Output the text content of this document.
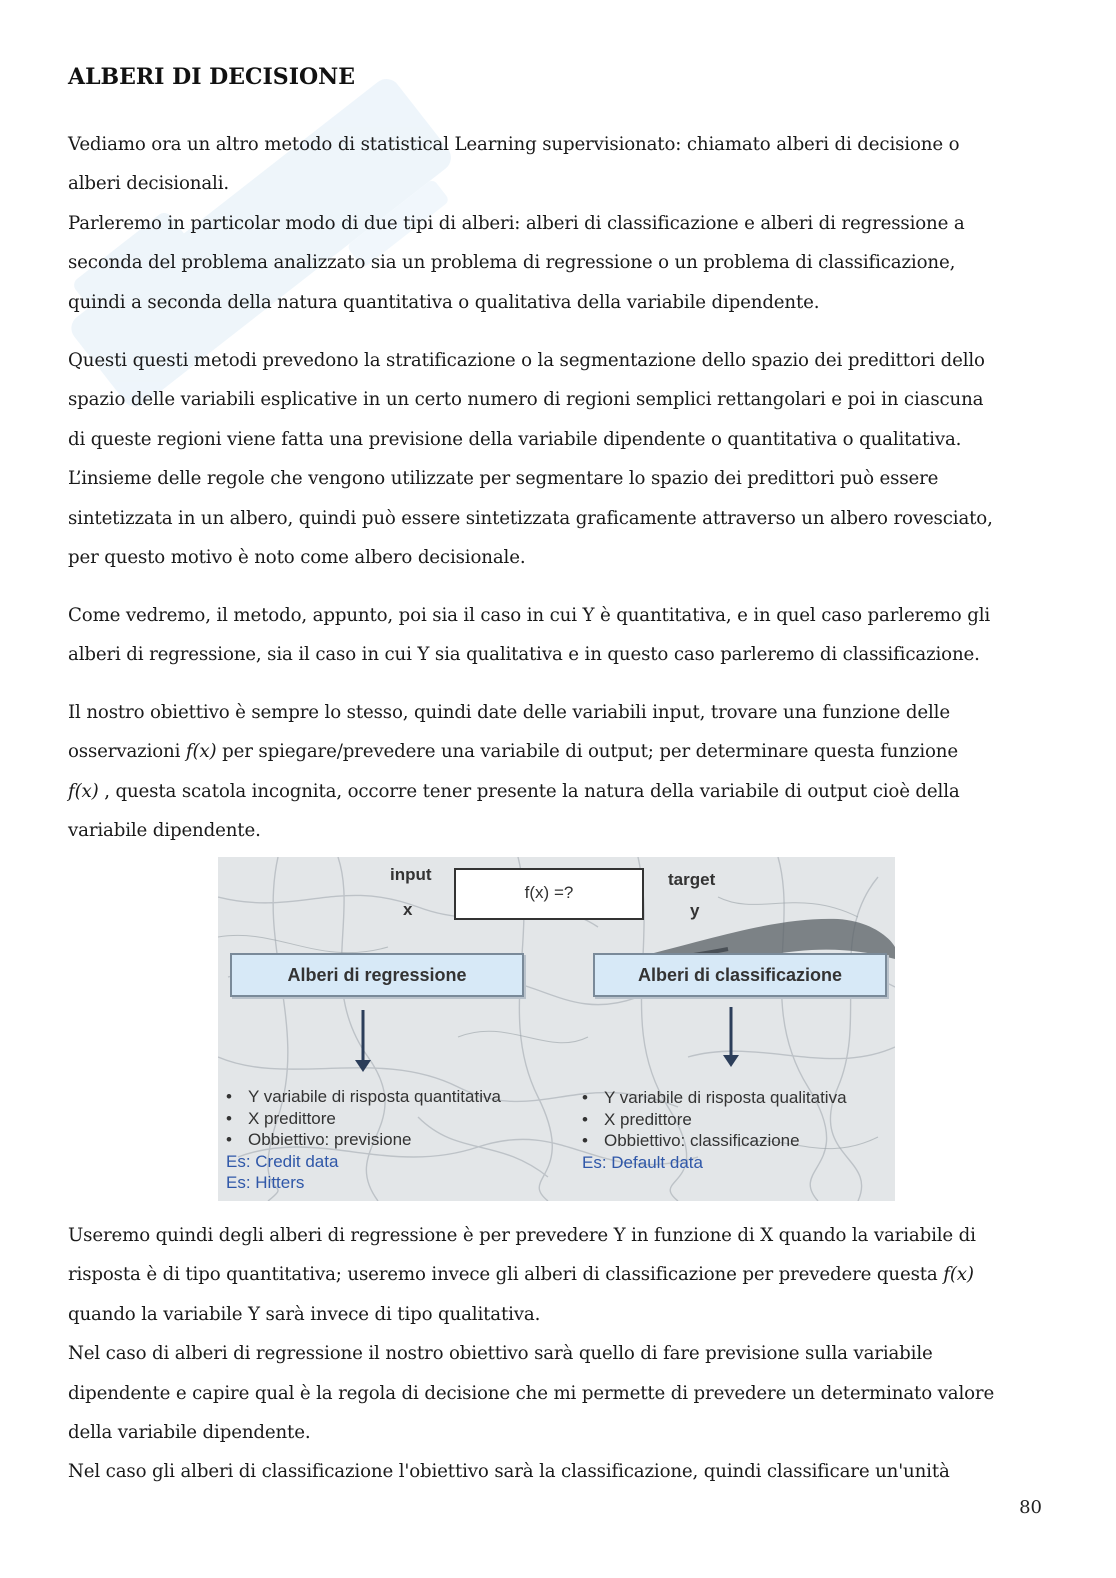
ALBERI DI DECISIONE
Vediamo ora un altro metodo di statistical Learning supervisionato: chiamato alberi di decisione o
alberi decisionali.
Parleremo in particolar modo di due tipi di alberi: alberi di classificazione e alberi di regressione a
seconda del problema analizzato sia un problema di regressione o un problema di classificazione,
quindi a seconda della natura quantitativa o qualitativa della variabile dipendente.
Questi questi metodi prevedono la stratificazione o la segmentazione dello spazio dei predittori dello
spazio delle variabili esplicative in un certo numero di regioni semplici rettangolari e poi in ciascuna
di queste regioni viene fatta una previsione della variabile dipendente o quantitativa o qualitativa.
L’insieme delle regole che vengono utilizzate per segmentare lo spazio dei predittori può essere
sintetizzata in un albero, quindi può essere sintetizzata graficamente attraverso un albero rovesciato,
per questo motivo è noto come albero decisionale.
Come vedremo, il metodo, appunto, poi sia il caso in cui Y è quantitativa, e in quel caso parleremo gli
alberi di regressione, sia il caso in cui Y sia qualitativa e in questo caso parleremo di classificazione.
Il nostro obiettivo è sempre lo stesso, quindi date delle variabili input, trovare una funzione delle
osservazioni f(x) per spiegare/prevedere una variabile di output; per determinare questa funzione
f(x) , questa scatola incognita, occorre tener presente la natura della variabile di output cioè della
variabile dipendente.
Useremo quindi degli alberi di regressione è per prevedere Y in funzione di X quando la variabile di
risposta è di tipo quantitativa; useremo invece gli alberi di classificazione per prevedere questa f(x)
quando la variabile Y sarà invece di tipo qualitativa.
Nel caso di alberi di regressione il nostro obiettivo sarà quello di fare previsione sulla variabile
dipendente e capire qual è la regola di decisione che mi permette di prevedere un determinato valore
della variabile dipendente.
Nel caso gli alberi di classificazione l'obiettivo sarà la classificazione, quindi classificare un'unità
input
x
f(x) =?
target
y
Alberi di regressione	Alberi di classificazione
• Y variabile di risposta quantitativa
• X predittore
• Obbiettivo: previsione
Es: Credit data
Es: Hitters
• Y variabile di risposta qualitativa
• X predittore
• Obbiettivo: classificazione
Es: Default data
80
